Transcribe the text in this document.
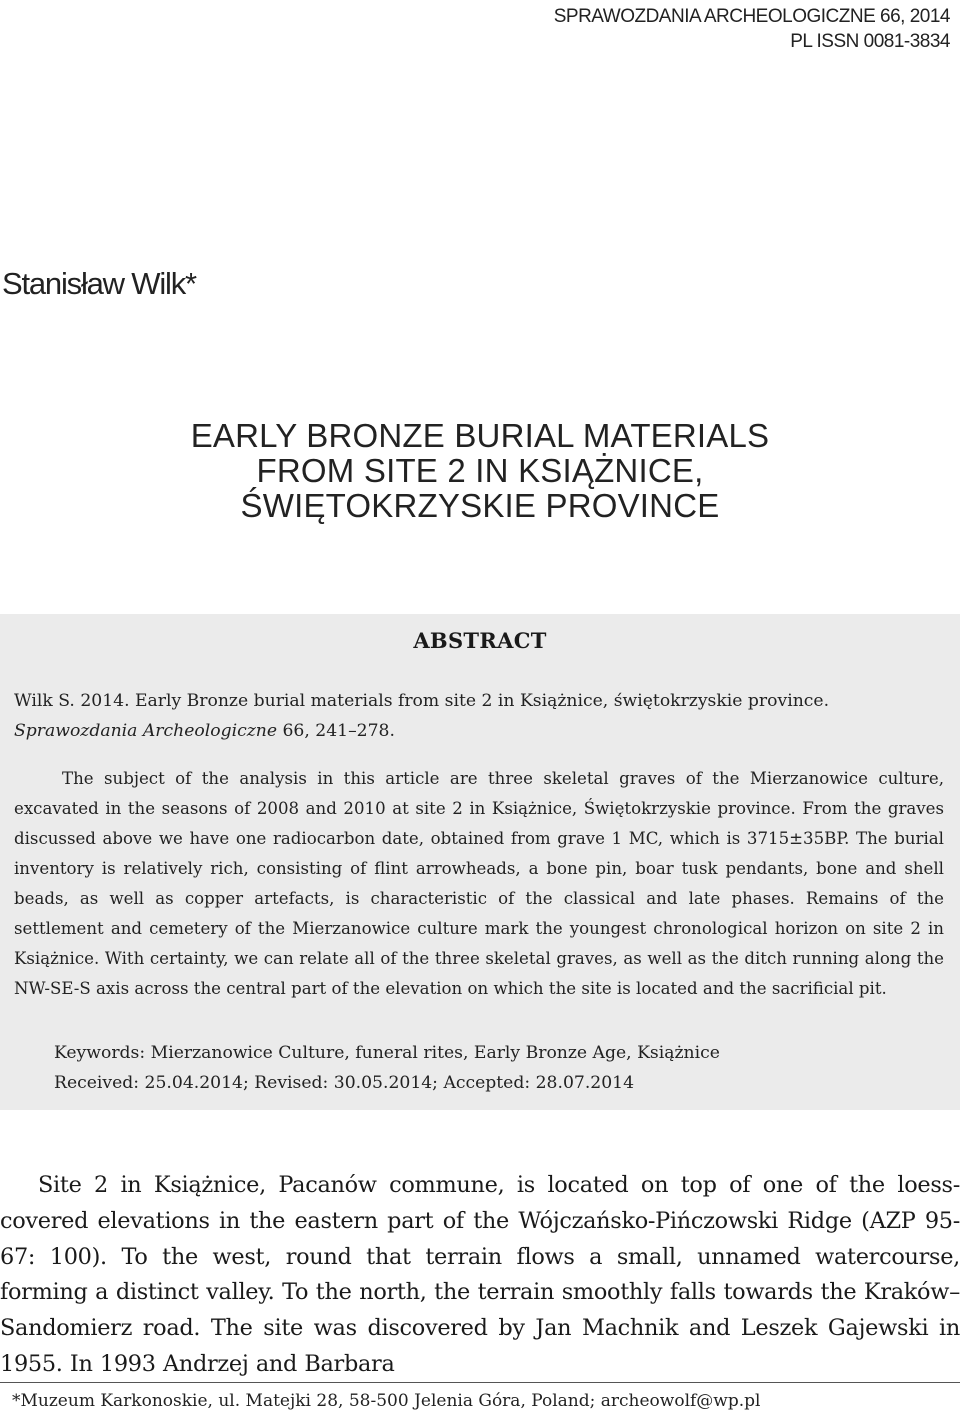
SPRAWOZDANIA ARCHEOLOGICZNE 66, 2014
PL ISSN 0081-3834
Stanisław Wilk*
EARLY BRONZE BURIAL MATERIALS
FROM SITE 2 IN KSIĄŻNICE,
ŚWIĘTOKRZYSKIE PROVINCE
ABSTRACT
Wilk S. 2014. Early Bronze burial materials from site 2 in Książnice, świętokrzyskie province. Sprawozdania Archeologiczne 66, 241–278.

The subject of the analysis in this article are three skeletal graves of the Mierzanowice culture, excavated in the seasons of 2008 and 2010 at site 2 in Książnice, Świętokrzyskie province. From the graves discussed above we have one radiocarbon date, obtained from grave 1 MC, which is 3715±35BP. The burial inventory is relatively rich, consisting of flint arrowheads, a bone pin, boar tusk pendants, bone and shell beads, as well as copper artefacts, is characteristic of the classical and late phases. Remains of the settlement and cemetery of the Mierzanowice culture mark the youngest chronological horizon on site 2 in Książnice. With certainty, we can relate all of the three skeletal graves, as well as the ditch running along the NW-SE-S axis across the central part of the elevation on which the site is located and the sacrificial pit.

Keywords: Mierzanowice Culture, funeral rites, Early Bronze Age, Książnice
Received: 25.04.2014; Revised: 30.05.2014; Accepted: 28.07.2014

Site 2 in Książnice, Pacanów commune, is located on top of one of the loess-covered elevations in the eastern part of the Wójczańsko-Pińczowski Ridge (AZP 95-67: 100). To the west, round that terrain flows a small, unnamed watercourse, forming a distinct valley. To the north, the terrain smoothly falls towards the Kraków–Sandomierz road. The site was discovered by Jan Machnik and Leszek Gajewski in 1955. In 1993 Andrzej and Barbara

*Muzeum Karkonoskie, ul. Matejki 28, 58-500 Jelenia Góra, Poland; archeowolf@wp.pl
